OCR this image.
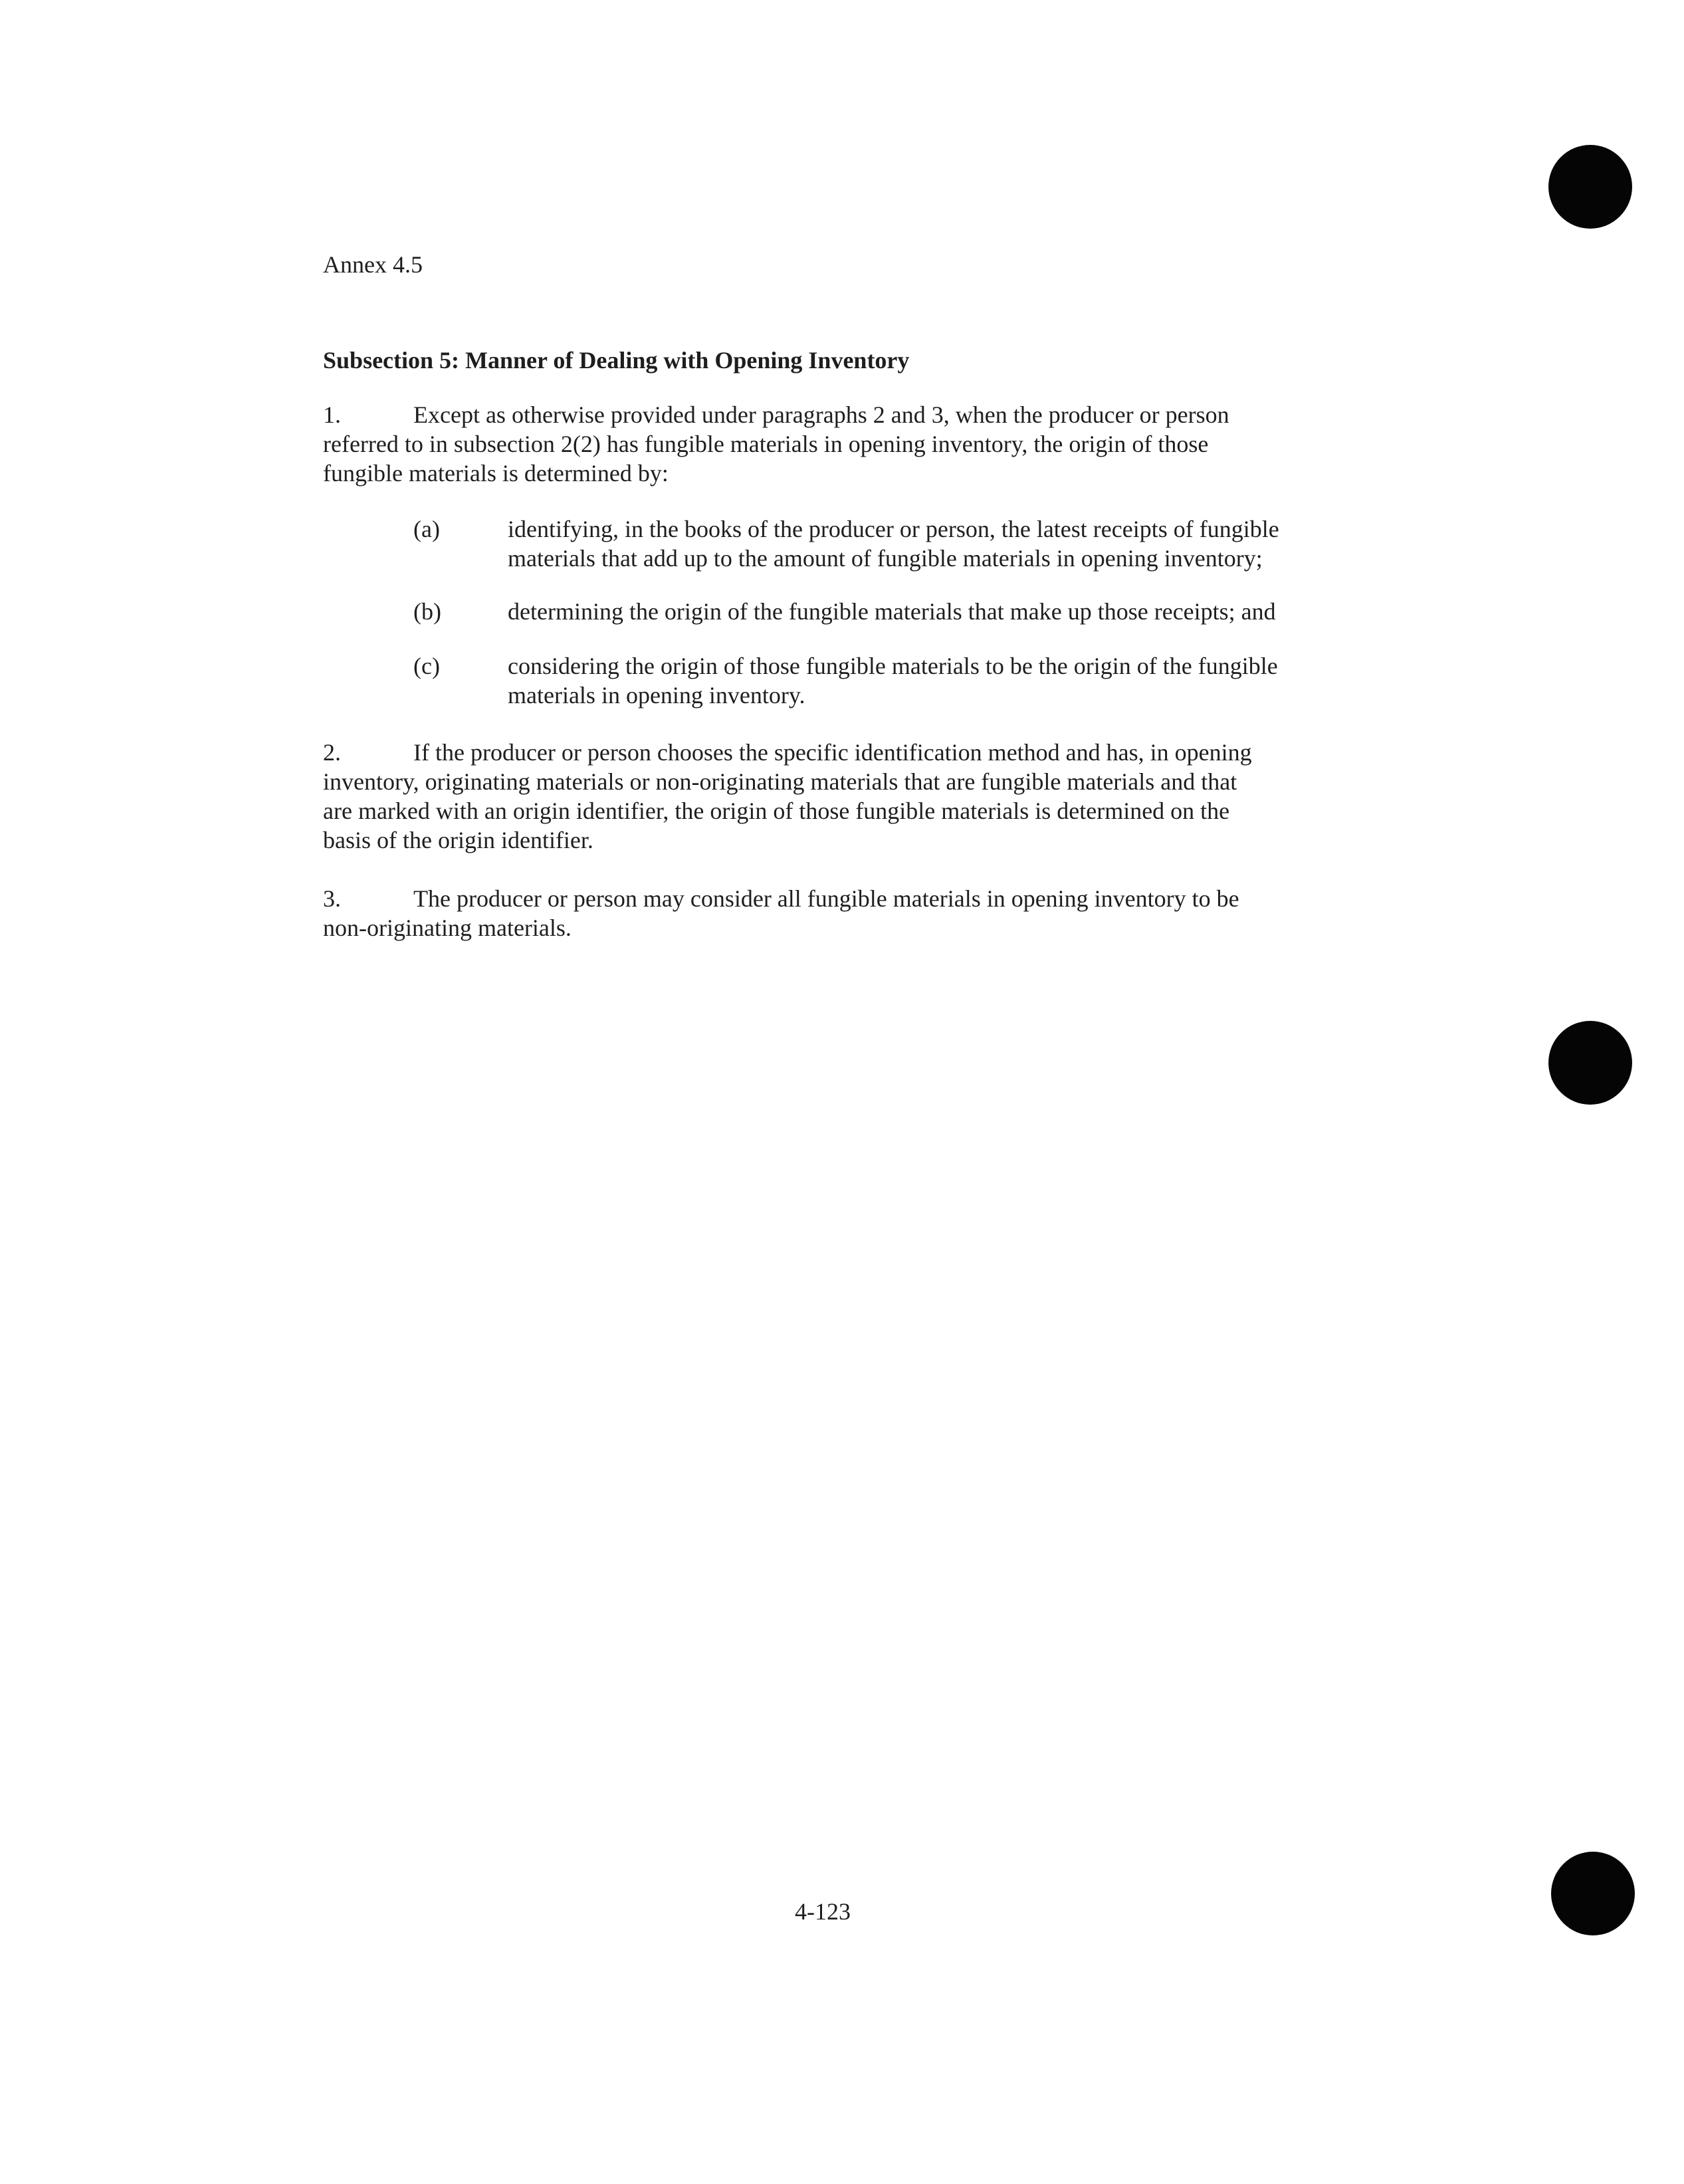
Annex 4.5
Subsection 5: Manner of Dealing with Opening Inventory
1.	Except as otherwise provided under paragraphs 2 and 3, when the producer or person
referred to in subsection 2(2) has fungible materials in opening inventory, the origin of those
fungible materials is determined by:
(a)	identifying, in the books of the producer or person, the latest receipts of fungible
materials that add up to the amount of fungible materials in opening inventory;
(b)	determining the origin of the fungible materials that make up those receipts; and
(c)	considering the origin of those fungible materials to be the origin of the fungible
materials in opening inventory.
2.	If the producer or person chooses the specific identification method and has, in opening
inventory, originating materials or non-originating materials that are fungible materials and that
are marked with an origin identifier, the origin of those fungible materials is determined on the
basis of the origin identifier.
3.	The producer or person may consider all fungible materials in opening inventory to be
non-originating materials.
4-123
